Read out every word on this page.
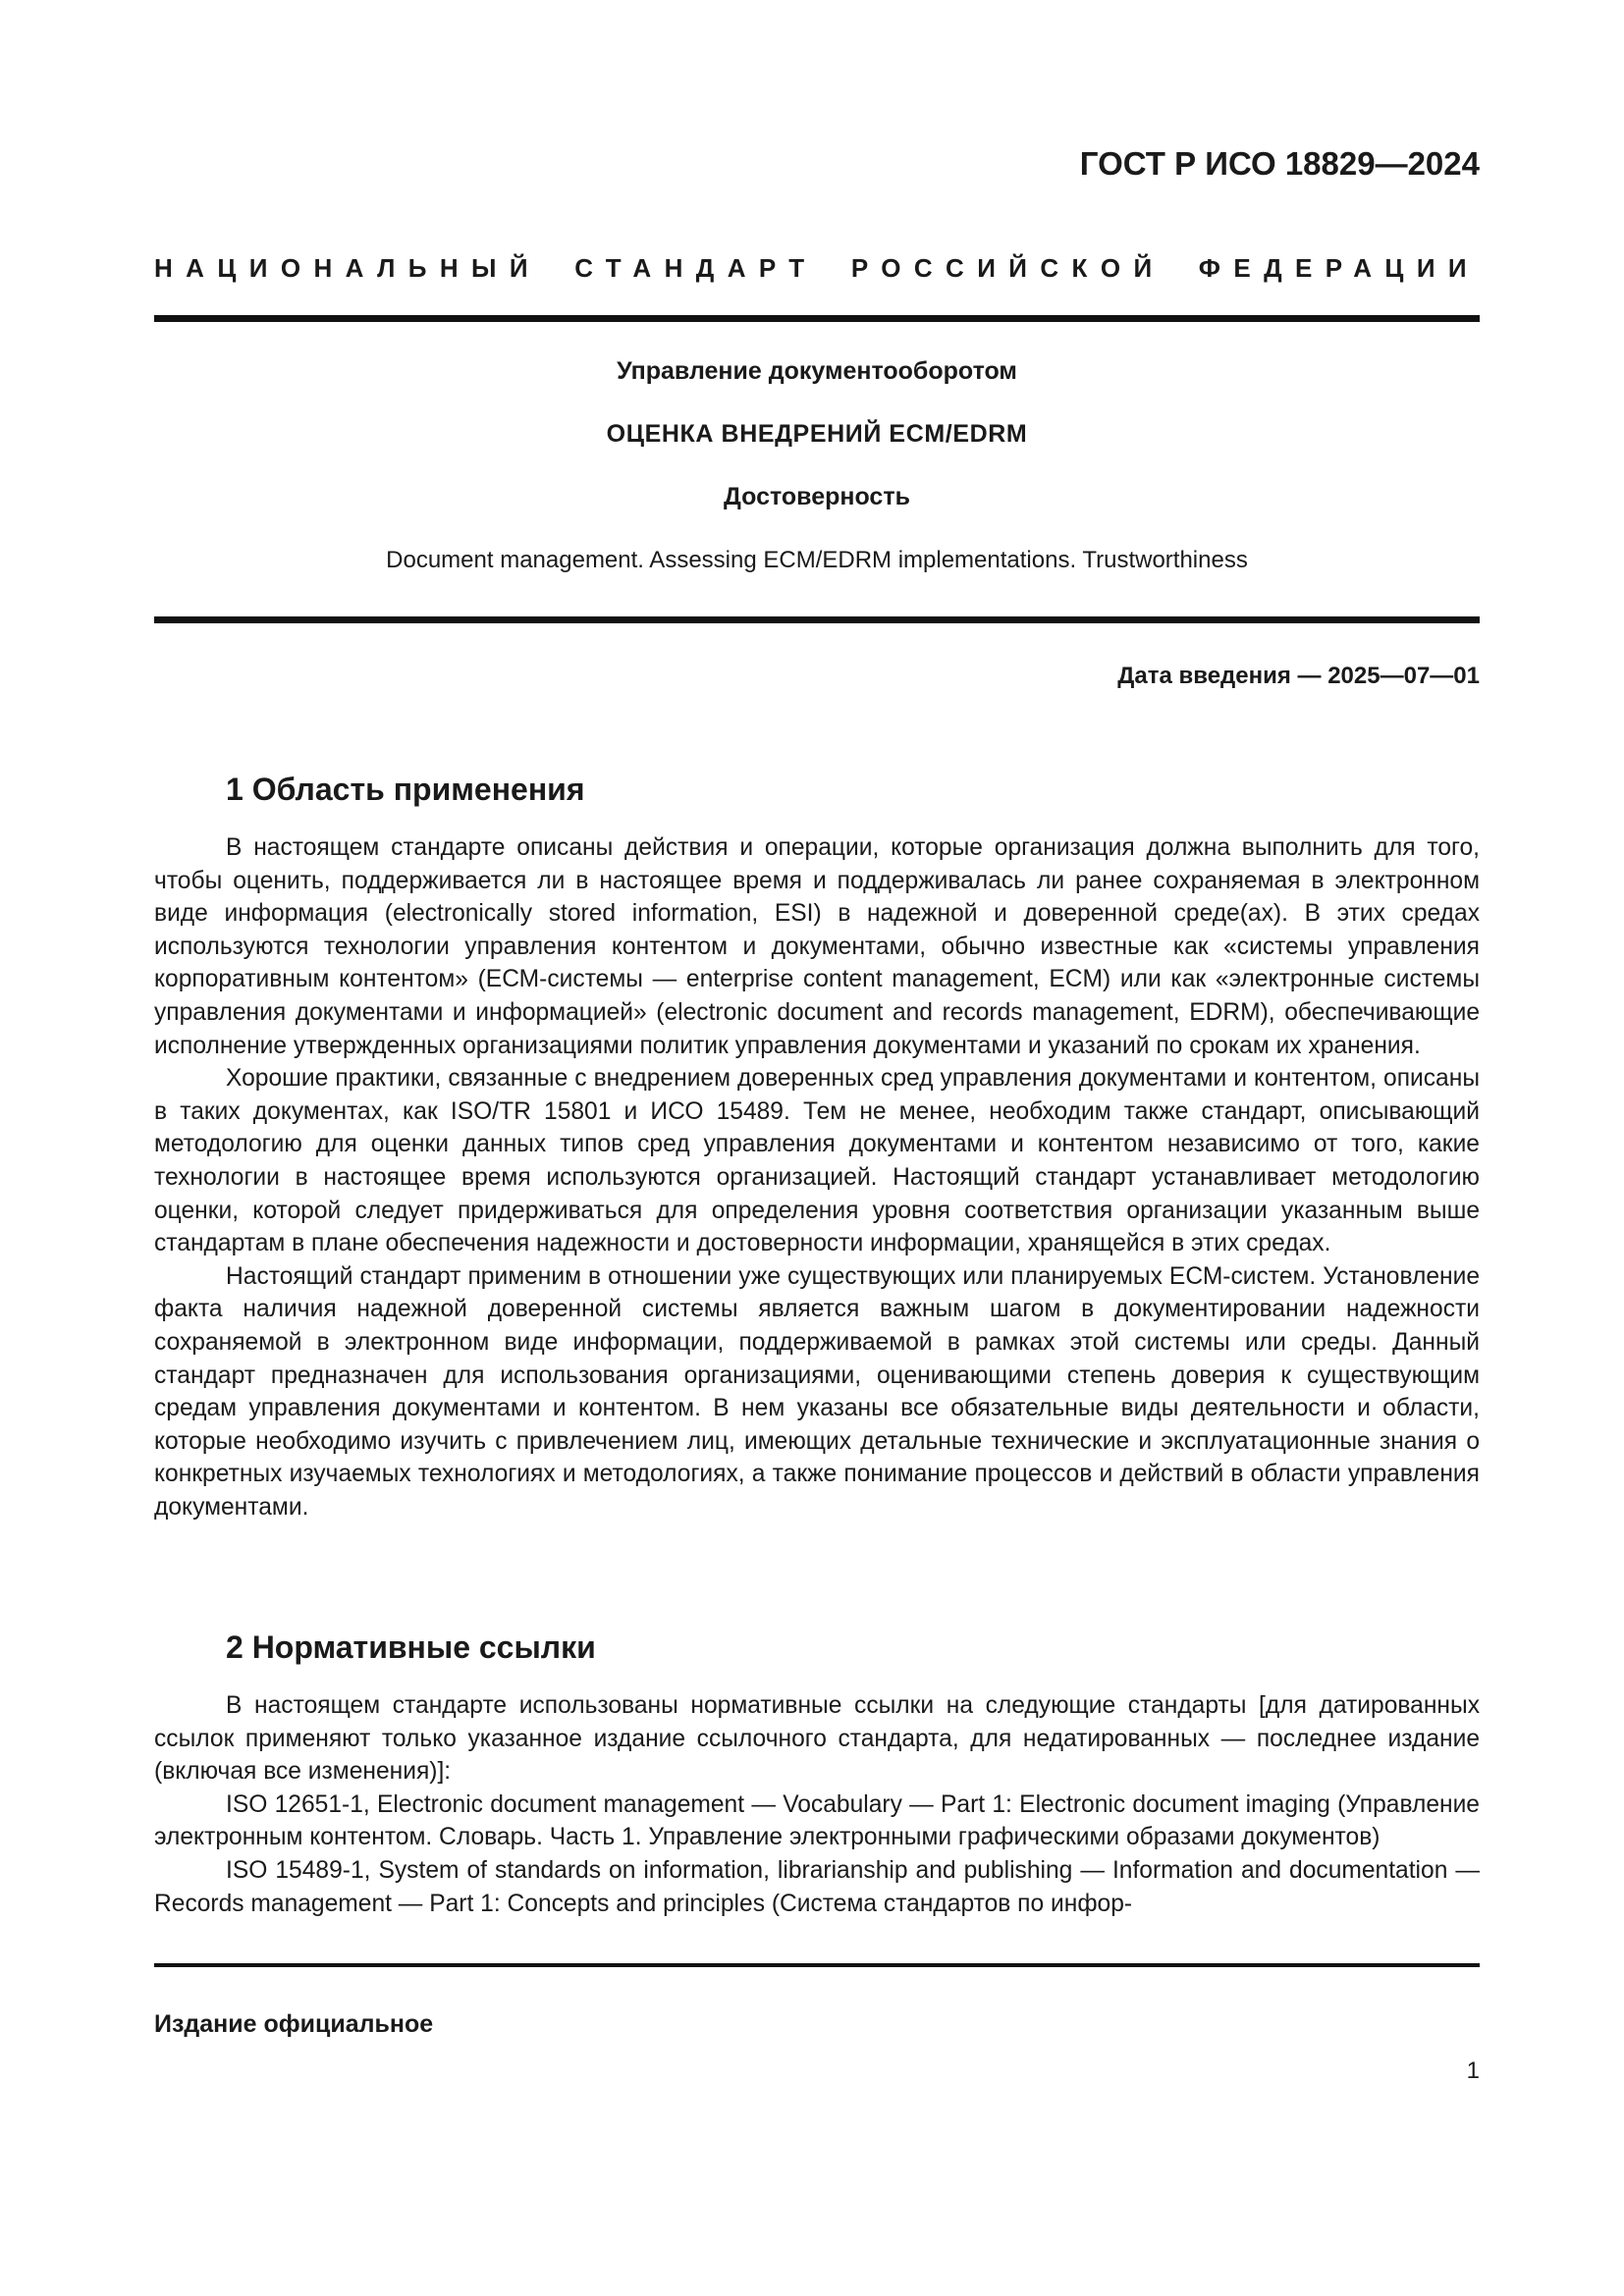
ГОСТ Р ИСО 18829—2024
НАЦИОНАЛЬНЫЙ СТАНДАРТ РОССИЙСКОЙ ФЕДЕРАЦИИ
Управление документооборотом
ОЦЕНКА ВНЕДРЕНИЙ ECM/EDRM
Достоверность
Document management. Assessing ECM/EDRM implementations. Trustworthiness
Дата введения — 2025—07—01
1 Область применения

В настоящем стандарте описаны действия и операции, которые организация должна выполнить для того, чтобы оценить, поддерживается ли в настоящее время и поддерживалась ли ранее сохраняемая в электронном виде информация (electronically stored information, ESI) в надежной и доверенной среде(ах). В этих средах используются технологии управления контентом и документами, обычно известные как «системы управления корпоративным контентом» (ЕСМ-системы — enterprise content management, ECM) или как «электронные системы управления документами и информацией» (electronic document and records management, EDRM), обеспечивающие исполнение утвержденных организациями политик управления документами и указаний по срокам их хранения.

Хорошие практики, связанные с внедрением доверенных сред управления документами и контентом, описаны в таких документах, как ISO/TR 15801 и ИСО 15489. Тем не менее, необходим также стандарт, описывающий методологию для оценки данных типов сред управления документами и контентом независимо от того, какие технологии в настоящее время используются организацией. Настоящий стандарт устанавливает методологию оценки, которой следует придерживаться для определения уровня соответствия организации указанным выше стандартам в плане обеспечения надежности и достоверности информации, хранящейся в этих средах.

Настоящий стандарт применим в отношении уже существующих или планируемых ЕСМ-систем. Установление факта наличия надежной доверенной системы является важным шагом в документировании надежности сохраняемой в электронном виде информации, поддерживаемой в рамках этой системы или среды. Данный стандарт предназначен для использования организациями, оценивающими степень доверия к существующим средам управления документами и контентом. В нем указаны все обязательные виды деятельности и области, которые необходимо изучить с привлечением лиц, имеющих детальные технические и эксплуатационные знания о конкретных изучаемых технологиях и методологиях, а также понимание процессов и действий в области управления документами.

2 Нормативные ссылки

В настоящем стандарте использованы нормативные ссылки на следующие стандарты [для датированных ссылок применяют только указанное издание ссылочного стандарта, для недатированных — последнее издание (включая все изменения)]:

ISO 12651-1, Electronic document management — Vocabulary — Part 1: Electronic document imaging (Управление электронным контентом. Словарь. Часть 1. Управление электронными графическими образами документов)

ISO 15489-1, System of standards on information, librarianship and publishing — Information and documentation — Records management — Part 1: Concepts and principles (Система стандартов по инфор-

Издание официальное
1
